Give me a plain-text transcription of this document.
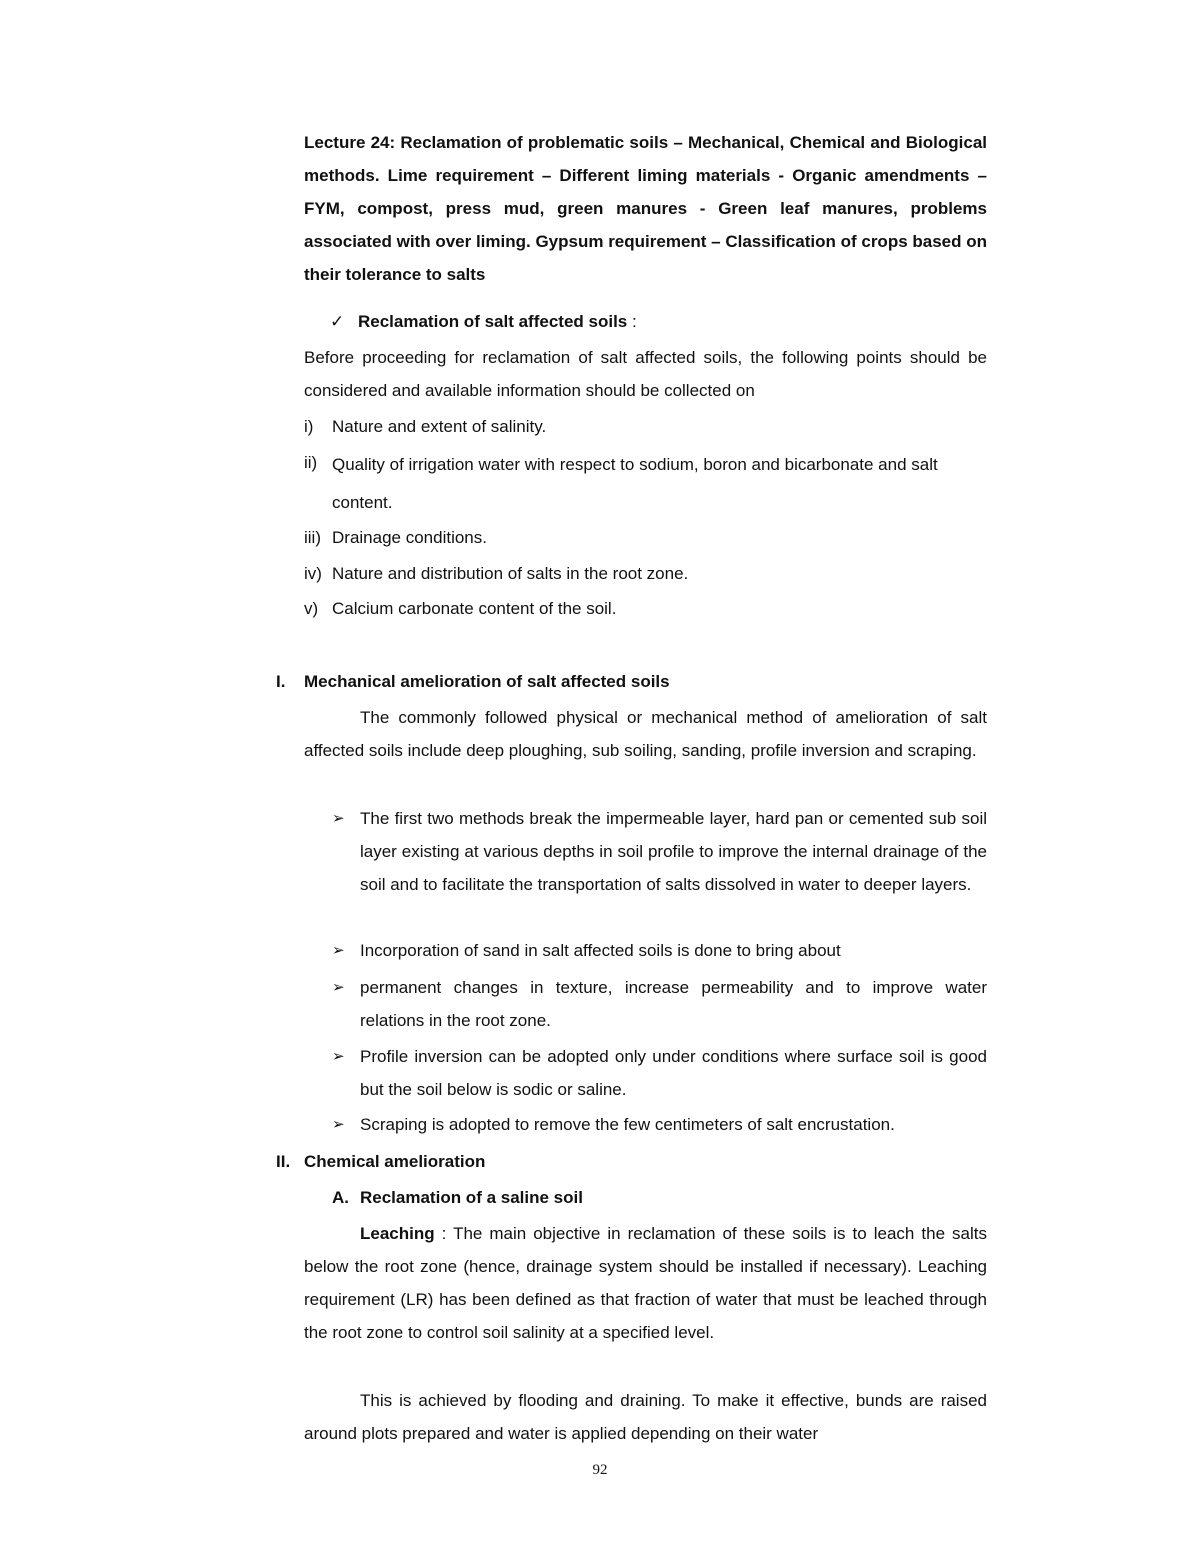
Lecture 24: Reclamation of problematic soils – Mechanical, Chemical and Biological methods. Lime requirement – Different liming materials - Organic amendments – FYM, compost, press mud, green manures - Green leaf manures, problems associated with over liming. Gypsum requirement – Classification of crops based on their tolerance to salts
✓ Reclamation of salt affected soils :
Before proceeding for reclamation of salt affected soils, the following points should be considered and available information should be collected on
i)	Nature and extent of salinity.
ii) Quality of irrigation water with respect to sodium, boron and bicarbonate and salt content.
iii) Drainage conditions.
iv) Nature and distribution of salts in the root zone.
v) Calcium carbonate content of the soil.
I. Mechanical amelioration of salt affected soils
The commonly followed physical or mechanical method of amelioration of salt affected soils include deep ploughing, sub soiling, sanding, profile inversion and scraping.
➢ The first two methods break the impermeable layer, hard pan or cemented sub soil layer existing at various depths in soil profile to improve the internal drainage of the soil and to facilitate the transportation of salts dissolved in water to deeper layers.
➢ Incorporation of sand in salt affected soils is done to bring about
➢ permanent changes in texture, increase permeability and to improve water relations in the root zone.
➢ Profile inversion can be adopted only under conditions where surface soil is good but the soil below is sodic or saline.
➢ Scraping is adopted to remove the few centimeters of salt encrustation.
II. Chemical amelioration
A. Reclamation of a saline soil
Leaching : The main objective in reclamation of these soils is to leach the salts below the root zone (hence, drainage system should be installed if necessary). Leaching requirement (LR) has been defined as that fraction of water that must be leached through the root zone to control soil salinity at a specified level.
This is achieved by flooding and draining. To make it effective, bunds are raised around plots prepared and water is applied depending on their water
92
